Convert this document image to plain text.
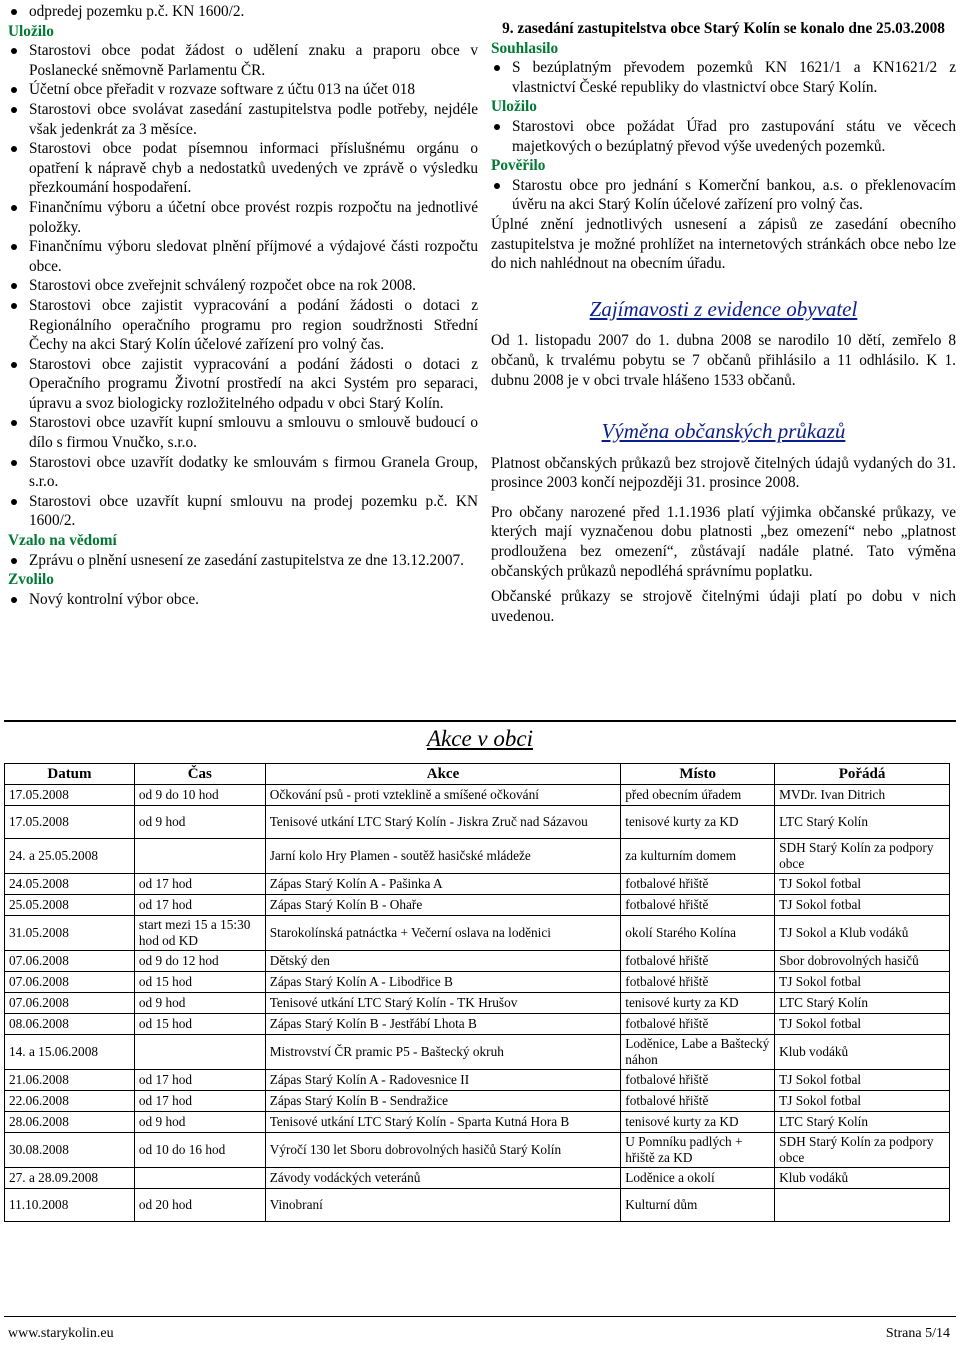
odpredej pozemku p.č. KN 1600/2.

Uložilo

Starostovi obce podat žádost o udělení znaku a praporu obce v Poslanecké sněmovně Parlamentu ČR.
Účetní obce přeřadit v rozvaze software z účtu 013 na účet 018
Starostovi obce svolávat zasedání zastupitelstva podle potřeby, nejdéle však jedenkrát za 3 měsíce.
Starostovi obce podat písemnou informaci příslušnému orgánu o opatření k nápravě chyb a nedostatků uvedených ve zprávě o výsledku přezkoumání hospodaření.
Finančnímu výboru a účetní obce provést rozpis rozpočtu na jednotlivé položky.
Finančnímu výboru sledovat plnění příjmové a výdajové části rozpočtu obce.
Starostovi obce zveřejnit schválený rozpočet obce na rok 2008.
Starostovi obce zajistit vypracování a podání žádosti o dotaci z Regionálního operačního programu pro region soudržnosti Střední Čechy na akci Starý Kolín účelové zařízení pro volný čas.
Starostovi obce zajistit vypracování a podání žádosti o dotaci z Operačního programu Životní prostředí na akci Systém pro separaci, úpravu a svoz biologicky rozložitelného odpadu v obci Starý Kolín.
Starostovi obce uzavřít kupní smlouvu a smlouvu o smlouvě budoucí o dílo s firmou Vnučko, s.r.o.
Starostovi obce uzavřít dodatky ke smlouvám s firmou Granela Group, s.r.o.
Starostovi obce uzavřít kupní smlouvu na prodej pozemku p.č. KN 1600/2.

Vzalo na vědomí

Zprávu o plnění usnesení ze zasedání zastupitelstva ze dne 13.12.2007.

Zvolilo

Nový kontrolní výbor obce.

9. zasedání zastupitelstva obce Starý Kolín se konalo dne 25.03.2008

Souhlasilo

S bezúplatným převodem pozemků KN 1621/1 a KN1621/2 z vlastnictví České republiky do vlastnictví obce Starý Kolín.

Uložilo

Starostovi obce požádat Úřad pro zastupování státu ve věcech majetkových o bezúplatný převod výše uvedených pozemků.

Pověřilo

Starostu obce pro jednání s Komerční bankou, a.s. o překlenovacím úvěru na akci Starý Kolín účelové zařízení pro volný čas.

Úplné znění jednotlivých usnesení a zápisů ze zasedání obecního zastupitelstva je možné prohlížet na internetových stránkách obce nebo lze do nich nahlédnout na obecním úřadu.

Zajímavosti z evidence obyvatel

Od 1. listopadu 2007 do 1. dubna 2008 se narodilo 10 dětí, zemřelo 8 občanů, k trvalému pobytu se 7 občanů přihlásilo a 11 odhlásilo. K 1. dubnu 2008 je v obci trvale hlášeno 1533 občanů.

Výměna občanských průkazů

Platnost občanských průkazů bez strojově čitelných údajů vydaných do 31. prosince 2003 končí nejpozději 31. prosince 2008.

Pro občany narozené před 1.1.1936 platí výjimka občanské průkazy, ve kterých mají vyznačenou dobu platnosti „bez omezení“ nebo „platnost prodloužena bez omezení“, zůstávají nadále platné. Tato výměna občanských průkazů nepodléhá správnímu poplatku.

Občanské průkazy se strojově čitelnými údaji platí po dobu v nich uvedenou.

Akce v obci
Datum	Čas	Akce	Místo	Pořádá
17.05.2008	od 9 do 10 hod	Očkování psů - proti vzteklině a smíšené očkování	před obecním úřadem	MVDr. Ivan Ditrich
17.05.2008	od 9 hod	Tenisové utkání LTC Starý Kolín - Jiskra Zruč nad Sázavou	tenisové kurty za KD	LTC Starý Kolín
24. a 25.05.2008		Jarní kolo Hry Plamen - soutěž hasičské mládeže	za kulturním domem	SDH Starý Kolín za podpory obce
24.05.2008	od 17 hod	Zápas Starý Kolín A - Pašinka A	fotbalové hřiště	TJ Sokol fotbal
25.05.2008	od 17 hod	Zápas Starý Kolín B - Ohaře	fotbalové hřiště	TJ Sokol fotbal
31.05.2008	start mezi 15 a 15:30 hod od KD	Starokolínská patnáctka + Večerní oslava na loděnici	okolí Starého Kolína	TJ Sokol a Klub vodáků
07.06.2008	od 9 do 12 hod	Dětský den	fotbalové hřiště	Sbor dobrovolných hasičů
07.06.2008	od 15 hod	Zápas Starý Kolín A - Libodřice B	fotbalové hřiště	TJ Sokol fotbal
07.06.2008	od 9 hod	Tenisové utkání LTC Starý Kolín - TK Hrušov	tenisové kurty za KD	LTC Starý Kolín
08.06.2008	od 15 hod	Zápas Starý Kolín B - Jestřábí Lhota B	fotbalové hřiště	TJ Sokol fotbal
14. a 15.06.2008		Mistrovství ČR pramic P5 - Baštecký okruh	Loděnice, Labe a Baštecký náhon	Klub vodáků
21.06.2008	od 17 hod	Zápas Starý Kolín A - Radovesnice II	fotbalové hřiště	TJ Sokol fotbal
22.06.2008	od 17 hod	Zápas Starý Kolín B - Sendražice	fotbalové hřiště	TJ Sokol fotbal
28.06.2008	od 9 hod	Tenisové utkání LTC Starý Kolín - Sparta Kutná Hora B	tenisové kurty za KD	LTC Starý Kolín
30.08.2008	od 10 do 16 hod	Výročí 130 let Sboru dobrovolných hasičů Starý Kolín	U Pomníku padlých + hřiště za KD	SDH Starý Kolín za podpory obce
27. a 28.09.2008		Závody vodáckých veteránů	Loděnice a okolí	Klub vodáků
11.10.2008	od 20 hod	Vinobraní	Kulturní dům	
www.starykolin.eu	Strana 5/14
